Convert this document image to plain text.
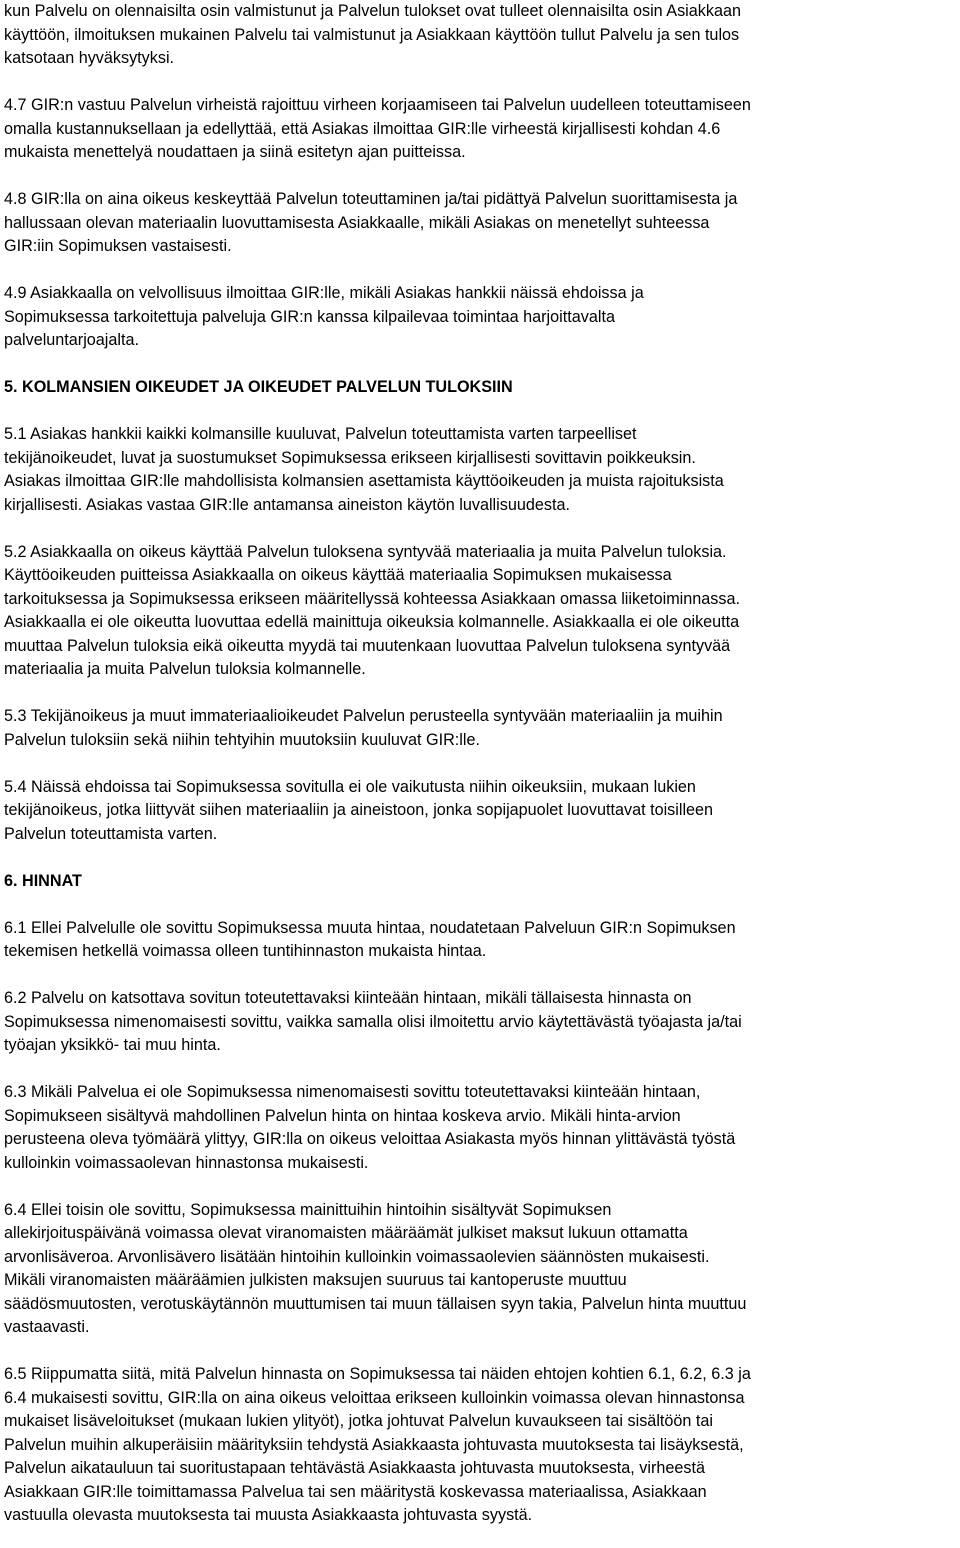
kun Palvelu on olennaisilta osin valmistunut ja Palvelun tulokset ovat tulleet olennaisilta osin Asiakkaan
käyttöön, ilmoituksen mukainen Palvelu tai valmistunut ja Asiakkaan käyttöön tullut Palvelu ja sen tulos
katsotaan hyväksytyksi.
4.7 GIR:n vastuu Palvelun virheistä rajoittuu virheen korjaamiseen tai Palvelun uudelleen toteuttamiseen
omalla kustannuksellaan ja edellyttää, että Asiakas ilmoittaa GIR:lle virheestä kirjallisesti kohdan 4.6
mukaista menettelyä noudattaen ja siinä esitetyn ajan puitteissa.
4.8 GIR:lla on aina oikeus keskeyttää Palvelun toteuttaminen ja/tai pidättyä Palvelun suorittamisesta ja
hallussaan olevan materiaalin luovuttamisesta Asiakkaalle, mikäli Asiakas on menetellyt suhteessa
GIR:iin Sopimuksen vastaisesti.
4.9 Asiakkaalla on velvollisuus ilmoittaa GIR:lle, mikäli Asiakas hankkii näissä ehdoissa ja
Sopimuksessa tarkoitettuja palveluja GIR:n kanssa kilpailevaa toimintaa harjoittavalta
palveluntarjoajalta.
5. KOLMANSIEN OIKEUDET JA OIKEUDET PALVELUN TULOKSIIN
5.1 Asiakas hankkii kaikki kolmansille kuuluvat, Palvelun toteuttamista varten tarpeelliset
tekijänoikeudet, luvat ja suostumukset Sopimuksessa erikseen kirjallisesti sovittavin poikkeuksin.
Asiakas ilmoittaa GIR:lle mahdollisista kolmansien asettamista käyttöoikeuden ja muista rajoituksista
kirjallisesti. Asiakas vastaa GIR:lle antamansa aineiston käytön luvallisuudesta.
5.2 Asiakkaalla on oikeus käyttää Palvelun tuloksena syntyvää materiaalia ja muita Palvelun tuloksia.
Käyttöoikeuden puitteissa Asiakkaalla on oikeus käyttää materiaalia Sopimuksen mukaisessa
tarkoituksessa ja Sopimuksessa erikseen määritellyssä kohteessa Asiakkaan omassa liiketoiminnassa.
Asiakkaalla ei ole oikeutta luovuttaa edellä mainittuja oikeuksia kolmannelle. Asiakkaalla ei ole oikeutta
muuttaa Palvelun tuloksia eikä oikeutta myydä tai muutenkaan luovuttaa Palvelun tuloksena syntyvää
materiaalia ja muita Palvelun tuloksia kolmannelle.
5.3 Tekijänoikeus ja muut immateriaalioikeudet Palvelun perusteella syntyvään materiaaliin ja muihin
Palvelun tuloksiin sekä niihin tehtyihin muutoksiin kuuluvat GIR:lle.
5.4 Näissä ehdoissa tai Sopimuksessa sovitulla ei ole vaikutusta niihin oikeuksiin, mukaan lukien
tekijänoikeus, jotka liittyvät siihen materiaaliin ja aineistoon, jonka sopijapuolet luovuttavat toisilleen
Palvelun toteuttamista varten.
6. HINNAT
6.1 Ellei Palvelulle ole sovittu Sopimuksessa muuta hintaa, noudatetaan Palveluun GIR:n Sopimuksen
tekemisen hetkellä voimassa olleen tuntihinnaston mukaista hintaa.
6.2 Palvelu on katsottava sovitun toteutettavaksi kiinteään hintaan, mikäli tällaisesta hinnasta on
Sopimuksessa nimenomaisesti sovittu, vaikka samalla olisi ilmoitettu arvio käytettävästä työajasta ja/tai
työajan yksikkö- tai muu hinta.
6.3 Mikäli Palvelua ei ole Sopimuksessa nimenomaisesti sovittu toteutettavaksi kiinteään hintaan,
Sopimukseen sisältyvä mahdollinen Palvelun hinta on hintaa koskeva arvio. Mikäli hinta-arvion
perusteena oleva työmäärä ylittyy, GIR:lla on oikeus veloittaa Asiakasta myös hinnan ylittävästä työstä
kulloinkin voimassaolevan hinnastonsa mukaisesti.
6.4 Ellei toisin ole sovittu, Sopimuksessa mainittuihin hintoihin sisältyvät Sopimuksen
allekirjoituspäivänä voimassa olevat viranomaisten määräämät julkiset maksut lukuun ottamatta
arvonlisäveroa. Arvonlisävero lisätään hintoihin kulloinkin voimassaolevien säännösten mukaisesti.
Mikäli viranomaisten määräämien julkisten maksujen suuruus tai kantoperuste muuttuu
säädösmuutosten, verotuskäytännön muuttumisen tai muun tällaisen syyn takia, Palvelun hinta muuttuu
vastaavasti.
6.5 Riippumatta siitä, mitä Palvelun hinnasta on Sopimuksessa tai näiden ehtojen kohtien 6.1, 6.2, 6.3 ja
6.4 mukaisesti sovittu, GIR:lla on aina oikeus veloittaa erikseen kulloinkin voimassa olevan hinnastonsa
mukaiset lisäveloitukset (mukaan lukien ylityöt), jotka johtuvat Palvelun kuvaukseen tai sisältöön tai
Palvelun muihin alkuperäisiin määrityksiin tehdystä Asiakkaasta johtuvasta muutoksesta tai lisäyksestä,
Palvelun aikatauluun tai suoritustapaan tehtävästä Asiakkaasta johtuvasta muutoksesta, virheestä
Asiakkaan GIR:lle toimittamassa Palvelua tai sen määritystä koskevassa materiaalissa, Asiakkaan
vastuulla olevasta muutoksesta tai muusta Asiakkaasta johtuvasta syystä.
